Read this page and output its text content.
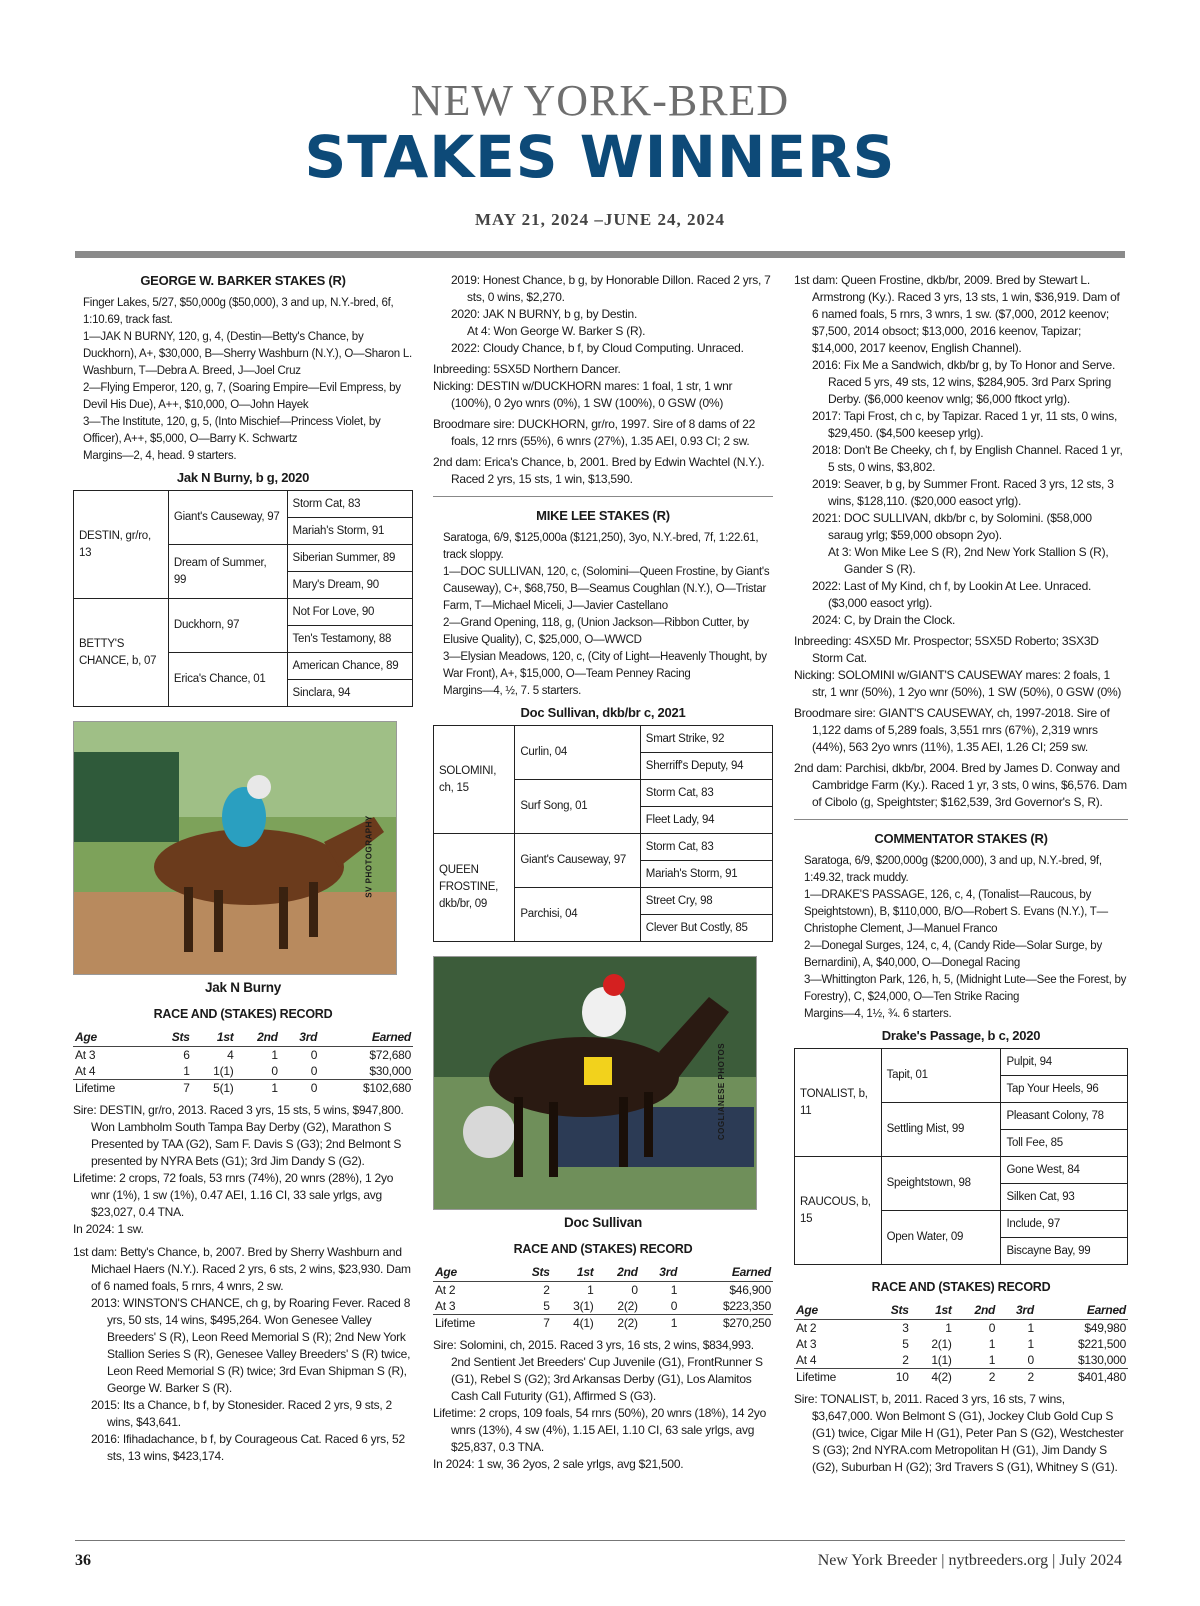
NEW YORK-BRED
STAKES WINNERS
MAY 21, 2024 –JUNE 24, 2024
GEORGE W. BARKER STAKES (R)
Finger Lakes, 5/27, $50,000g ($50,000), 3 and up, N.Y.-bred, 6f, 1:10.69, track fast.
1—JAK N BURNY, 120, g, 4, (Destin—Betty's Chance, by Duckhorn), A+, $30,000, B—Sherry Washburn (N.Y.), O—Sharon L. Washburn, T—Debra A. Breed, J—Joel Cruz
2—Flying Emperor, 120, g, 7, (Soaring Empire—Evil Empress, by Devil His Due), A++, $10,000, O—John Hayek
3—The Institute, 120, g, 5, (Into Mischief—Princess Violet, by Officer), A++, $5,000, O—Barry K. Schwartz
Margins—2, 4, head. 9 starters.
Jak N Burny, b g, 2020
DESTIN, gr/ro, 13	Giant's Causeway, 97	Storm Cat, 83
		Mariah's Storm, 91
	Dream of Summer, 99	Siberian Summer, 89
		Mary's Dream, 90
BETTY'S CHANCE, b, 07	Duckhorn, 97	Not For Love, 90
		Ten's Testamony, 88
	Erica's Chance, 01	American Chance, 89
		Sinclara, 94
SV PHOTOGRAPHY
Jak N Burny
RACE AND (STAKES) RECORD
Age	Sts	1st	2nd	3rd	Earned
At 3	6	4	1	0	$72,680
At 4	1	1(1)	0	0	$30,000
Lifetime	7	5(1)	1	0	$102,680
Sire: DESTIN, gr/ro, 2013. Raced 3 yrs, 15 sts, 5 wins, $947,800. Won Lambholm South Tampa Bay Derby (G2), Marathon S Presented by TAA (G2), Sam F. Davis S (G3); 2nd Belmont S presented by NYRA Bets (G1); 3rd Jim Dandy S (G2).
Lifetime: 2 crops, 72 foals, 53 rnrs (74%), 20 wnrs (28%), 1 2yo wnr (1%), 1 sw (1%), 0.47 AEI, 1.16 CI, 33 sale yrlgs, avg $23,027, 0.4 TNA.
In 2024: 1 sw.
1st dam: Betty's Chance, b, 2007. Bred by Sherry Washburn and Michael Haers (N.Y.). Raced 2 yrs, 6 sts, 2 wins, $23,930. Dam of 6 named foals, 5 rnrs, 4 wnrs, 2 sw.
2013: WINSTON'S CHANCE, ch g, by Roaring Fever. Raced 8 yrs, 50 sts, 14 wins, $495,264. Won Genesee Valley Breeders' S (R), Leon Reed Memorial S (R); 2nd New York Stallion Series S (R), Genesee Valley Breeders' S (R) twice, Leon Reed Memorial S (R) twice; 3rd Evan Shipman S (R), George W. Barker S (R).
2015: Its a Chance, b f, by Stonesider. Raced 2 yrs, 9 sts, 2 wins, $43,641.
2016: Ifihadachance, b f, by Courageous Cat. Raced 6 yrs, 52 sts, 13 wins, $423,174.
2019: Honest Chance, b g, by Honorable Dillon. Raced 2 yrs, 7 sts, 0 wins, $2,270.
2020: JAK N BURNY, b g, by Destin.
At 4: Won George W. Barker S (R).
2022: Cloudy Chance, b f, by Cloud Computing. Unraced.
Inbreeding: 5SX5D Northern Dancer.
Nicking: DESTIN w/DUCKHORN mares: 1 foal, 1 str, 1 wnr (100%), 0 2yo wnrs (0%), 1 SW (100%), 0 GSW (0%)
Broodmare sire: DUCKHORN, gr/ro, 1997. Sire of 8 dams of 22 foals, 12 rnrs (55%), 6 wnrs (27%), 1.35 AEI, 0.93 CI; 2 sw.
2nd dam: Erica's Chance, b, 2001. Bred by Edwin Wachtel (N.Y.). Raced 2 yrs, 15 sts, 1 win, $13,590.
MIKE LEE STAKES (R)
Saratoga, 6/9, $125,000a ($121,250), 3yo, N.Y.-bred, 7f, 1:22.61, track sloppy.
1—DOC SULLIVAN, 120, c, (Solomini—Queen Frostine, by Giant's Causeway), C+, $68,750, B—Seamus Coughlan (N.Y.), O—Tristar Farm, T—Michael Miceli, J—Javier Castellano
2—Grand Opening, 118, g, (Union Jackson—Ribbon Cutter, by Elusive Quality), C, $25,000, O—WWCD
3—Elysian Meadows, 120, c, (City of Light—Heavenly Thought, by War Front), A+, $15,000, O—Team Penney Racing
Margins—4, ½, 7. 5 starters.
Doc Sullivan, dkb/br c, 2021
SOLOMINI, ch, 15	Curlin, 04	Smart Strike, 92
		Sherriff's Deputy, 94
	Surf Song, 01	Storm Cat, 83
		Fleet Lady, 94
QUEEN FROSTINE, dkb/br, 09	Giant's Causeway, 97	Storm Cat, 83
		Mariah's Storm, 91
	Parchisi, 04	Street Cry, 98
		Clever But Costly, 85
COGLIANESE PHOTOS
Doc Sullivan
RACE AND (STAKES) RECORD
Age	Sts	1st	2nd	3rd	Earned
At 2	2	1	0	1	$46,900
At 3	5	3(1)	2(2)	0	$223,350
Lifetime	7	4(1)	2(2)	1	$270,250
Sire: Solomini, ch, 2015. Raced 3 yrs, 16 sts, 2 wins, $834,993. 2nd Sentient Jet Breeders' Cup Juvenile (G1), FrontRunner S (G1), Rebel S (G2); 3rd Arkansas Derby (G1), Los Alamitos Cash Call Futurity (G1), Affirmed S (G3).
Lifetime: 2 crops, 109 foals, 54 rnrs (50%), 20 wnrs (18%), 14 2yo wnrs (13%), 4 sw (4%), 1.15 AEI, 1.10 CI, 63 sale yrlgs, avg $25,837, 0.3 TNA.
In 2024: 1 sw, 36 2yos, 2 sale yrlgs, avg $21,500.
1st dam: Queen Frostine, dkb/br, 2009. Bred by Stewart L. Armstrong (Ky.). Raced 3 yrs, 13 sts, 1 win, $36,919. Dam of 6 named foals, 5 rnrs, 3 wnrs, 1 sw. ($7,000, 2012 keenov; $7,500, 2014 obsoct; $13,000, 2016 keenov, Tapizar; $14,000, 2017 keenov, English Channel).
2016: Fix Me a Sandwich, dkb/br g, by To Honor and Serve. Raced 5 yrs, 49 sts, 12 wins, $284,905. 3rd Parx Spring Derby. ($6,000 keenov wnlg; $6,000 ftkoct yrlg).
2017: Tapi Frost, ch c, by Tapizar. Raced 1 yr, 11 sts, 0 wins, $29,450. ($4,500 keesep yrlg).
2018: Don't Be Cheeky, ch f, by English Channel. Raced 1 yr, 5 sts, 0 wins, $3,802.
2019: Seaver, b g, by Summer Front. Raced 3 yrs, 12 sts, 3 wins, $128,110. ($20,000 easoct yrlg).
2021: DOC SULLIVAN, dkb/br c, by Solomini. ($58,000 saraug yrlg; $59,000 obsopn 2yo).
At 3: Won Mike Lee S (R), 2nd New York Stallion S (R), Gander S (R).
2022: Last of My Kind, ch f, by Lookin At Lee. Unraced. ($3,000 easoct yrlg).
2024: C, by Drain the Clock.
Inbreeding: 4SX5D Mr. Prospector; 5SX5D Roberto; 3SX3D Storm Cat.
Nicking: SOLOMINI w/GIANT'S CAUSEWAY mares: 2 foals, 1 str, 1 wnr (50%), 1 2yo wnr (50%), 1 SW (50%), 0 GSW (0%)
Broodmare sire: GIANT'S CAUSEWAY, ch, 1997-2018. Sire of 1,122 dams of 5,289 foals, 3,551 rnrs (67%), 2,319 wnrs (44%), 563 2yo wnrs (11%), 1.35 AEI, 1.26 CI; 259 sw.
2nd dam: Parchisi, dkb/br, 2004. Bred by James D. Conway and Cambridge Farm (Ky.). Raced 1 yr, 3 sts, 0 wins, $6,576. Dam of Cibolo (g, Speightster; $162,539, 3rd Governor's S, R).
COMMENTATOR STAKES (R)
Saratoga, 6/9, $200,000g ($200,000), 3 and up, N.Y.-bred, 9f, 1:49.32, track muddy.
1—DRAKE'S PASSAGE, 126, c, 4, (Tonalist—Raucous, by Speightstown), B, $110,000, B/O—Robert S. Evans (N.Y.), T—Christophe Clement, J—Manuel Franco
2—Donegal Surges, 124, c, 4, (Candy Ride—Solar Surge, by Bernardini), A, $40,000, O—Donegal Racing
3—Whittington Park, 126, h, 5, (Midnight Lute—See the Forest, by Forestry), C, $24,000, O—Ten Strike Racing
Margins—4, 1½, ¾. 6 starters.
Drake's Passage, b c, 2020
TONALIST, b, 11	Tapit, 01	Pulpit, 94
		Tap Your Heels, 96
	Settling Mist, 99	Pleasant Colony, 78
		Toll Fee, 85
RAUCOUS, b, 15	Speightstown, 98	Gone West, 84
		Silken Cat, 93
	Open Water, 09	Include, 97
		Biscayne Bay, 99
RACE AND (STAKES) RECORD
Age	Sts	1st	2nd	3rd	Earned
At 2	3	1	0	1	$49,980
At 3	5	2(1)	1	1	$221,500
At 4	2	1(1)	1	0	$130,000
Lifetime	10	4(2)	2	2	$401,480
Sire: TONALIST, b, 2011. Raced 3 yrs, 16 sts, 7 wins, $3,647,000. Won Belmont S (G1), Jockey Club Gold Cup S (G1) twice, Cigar Mile H (G1), Peter Pan S (G2), Westchester S (G3); 2nd NYRA.com Metropolitan H (G1), Jim Dandy S (G2), Suburban H (G2); 3rd Travers S (G1), Whitney S (G1).
36	New York Breeder | nytbreeders.org | July 2024
